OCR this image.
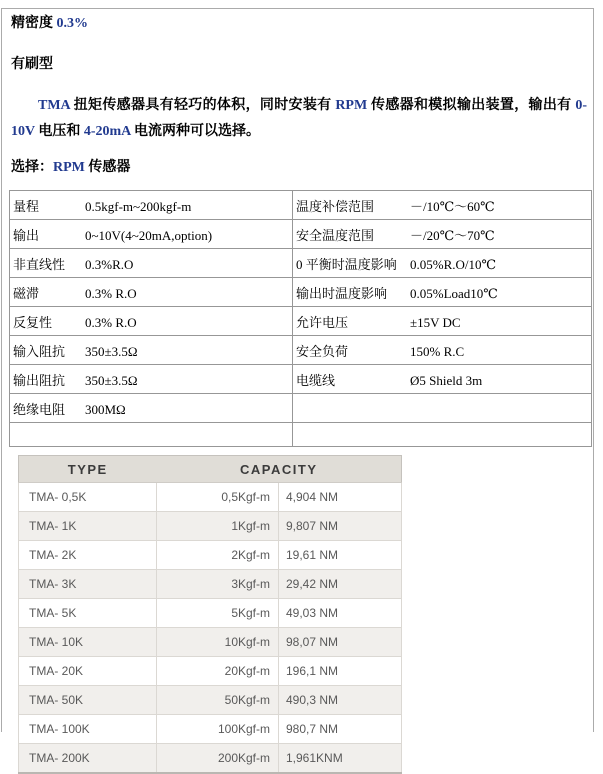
精密度 0.3%

有刷型

TMA 扭矩传感器具有轻巧的体积，同时安装有 RPM 传感器和模拟输出装置，输出有 0-10V 电压和 4-20mA 电流两种可以选择。

选择：RPM 传感器

量程 0.5kgf-m~200kgf-m	温度补偿范围 －/10℃～60℃
输出 0~10V(4~20mA,option)	安全温度范围 －/20℃～70℃
非直线性 0.3%R.O	0 平衡时温度影响 0.05%R.O/10℃
磁滞 0.3% R.O	输出时温度影响 0.05%Load10℃
反复性 0.3% R.O	允许电压 ±15V DC
输入阻抗 350±3.5Ω	安全负荷 150% R.C
输出阻抗 350±3.5Ω	电缆线 Ø5 Shield 3m
绝缘电阻 300MΩ	

TYPE	CAPACITY	
TMA- 0,5K	0,5Kgf-m	4,904 NM
TMA- 1K	1Kgf-m	9,807 NM
TMA- 2K	2Kgf-m	19,61 NM
TMA- 3K	3Kgf-m	29,42 NM
TMA- 5K	5Kgf-m	49,03 NM
TMA- 10K	10Kgf-m	98,07 NM
TMA- 20K	20Kgf-m	196,1 NM
TMA- 50K	50Kgf-m	490,3 NM
TMA- 100K	100Kgf-m	980,7 NM
TMA- 200K	200Kgf-m	1,961KNM
